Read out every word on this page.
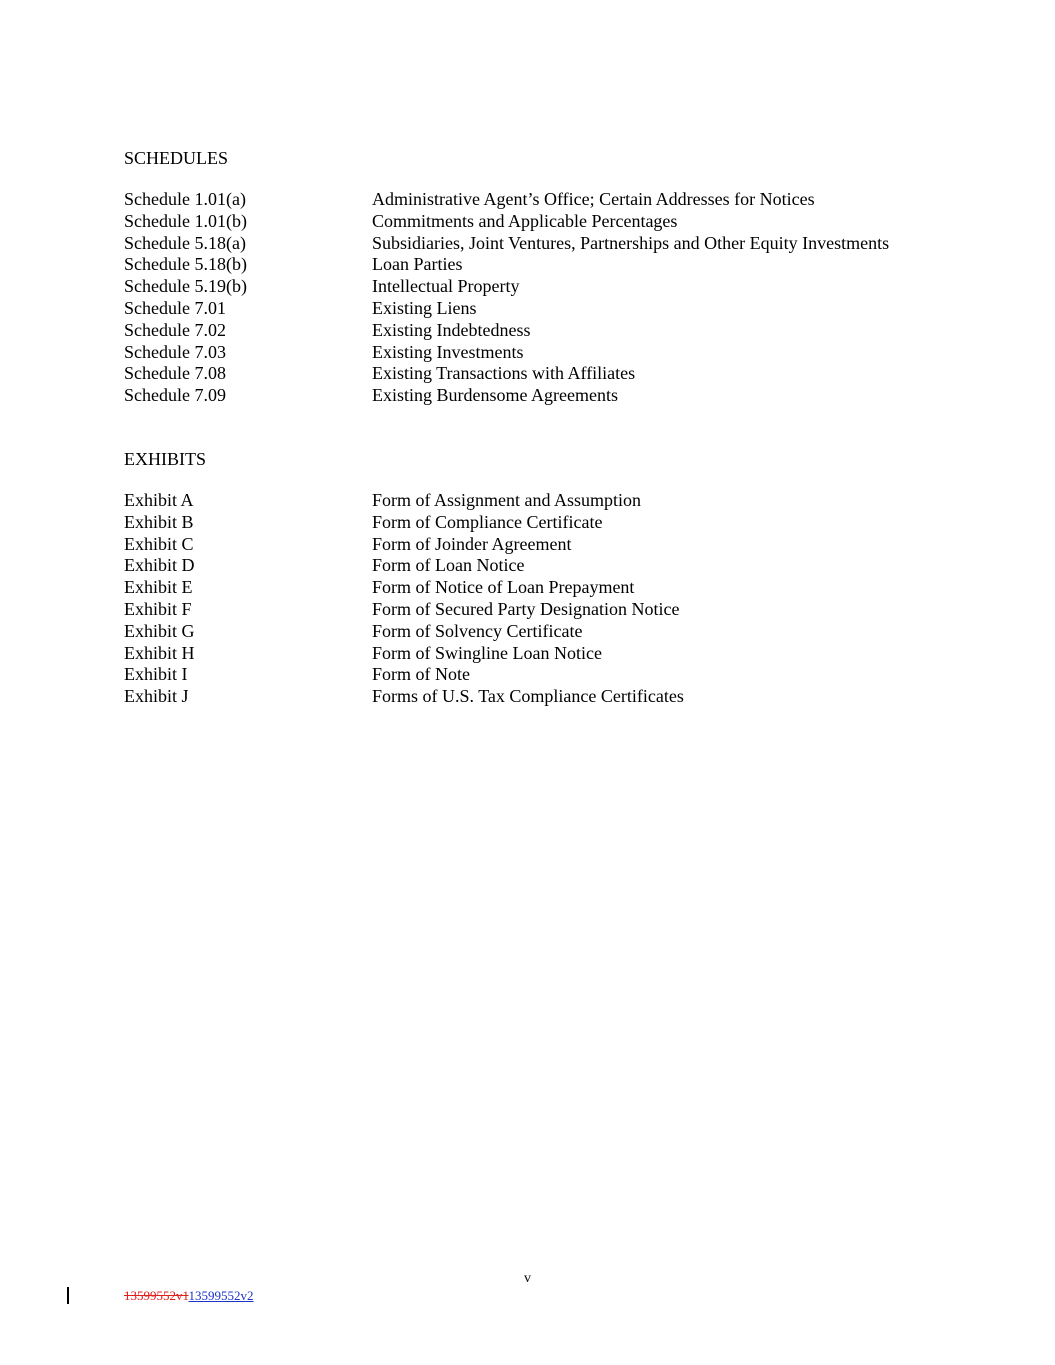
SCHEDULES
Schedule 1.01(a)	Administrative Agent’s Office; Certain Addresses for Notices
Schedule 1.01(b)	Commitments and Applicable Percentages
Schedule 5.18(a)	Subsidiaries, Joint Ventures, Partnerships and Other Equity Investments
Schedule 5.18(b)	Loan Parties
Schedule 5.19(b)	Intellectual Property
Schedule 7.01	Existing Liens
Schedule 7.02	Existing Indebtedness
Schedule 7.03	Existing Investments
Schedule 7.08	Existing Transactions with Affiliates
Schedule 7.09	Existing Burdensome Agreements
EXHIBITS
Exhibit A	Form of Assignment and Assumption
Exhibit B	Form of Compliance Certificate
Exhibit C	Form of Joinder Agreement
Exhibit D	Form of Loan Notice
Exhibit E	Form of Notice of Loan Prepayment
Exhibit F	Form of Secured Party Designation Notice
Exhibit G	Form of Solvency Certificate
Exhibit H	Form of Swingline Loan Notice
Exhibit I	Form of Note
Exhibit J	Forms of U.S. Tax Compliance Certificates
v
13599552v113599552v2
